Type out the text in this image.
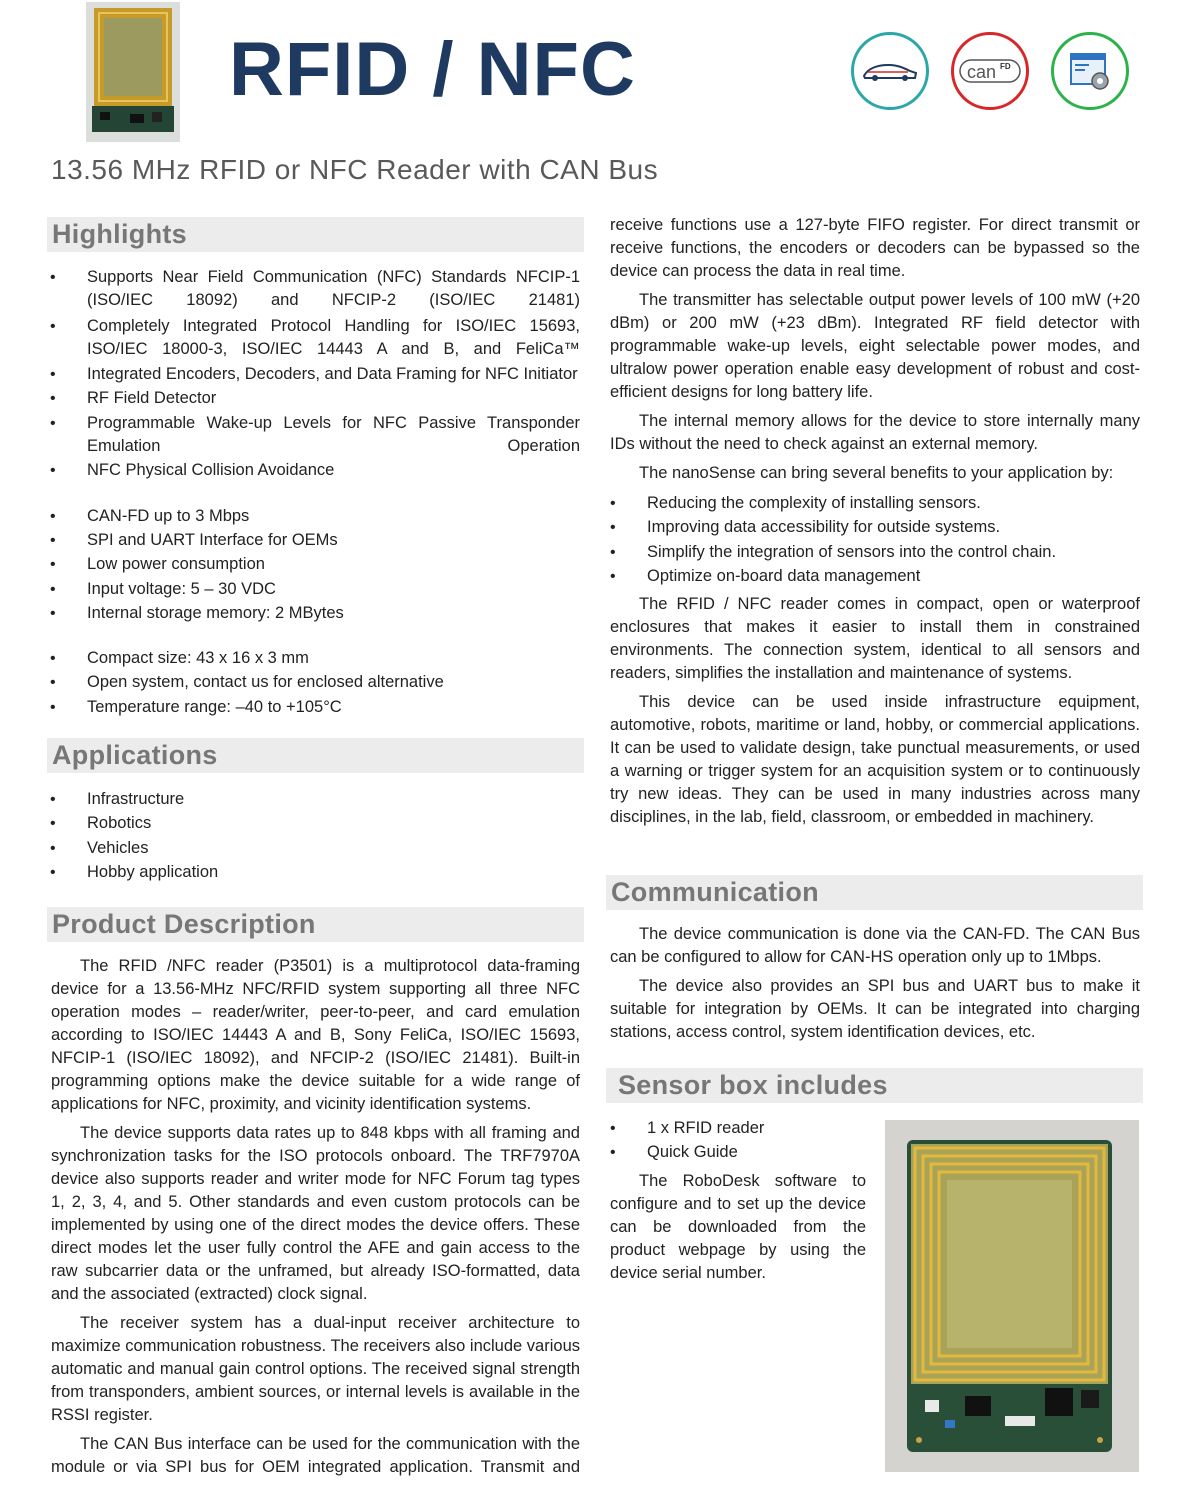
RFID / NFC	can FD
13.56 MHz RFID or NFC Reader with CAN Bus
Highlights
• Supports Near Field Communication (NFC) Standards NFCIP-1 (ISO/IEC 18092) and NFCIP-2 (ISO/IEC 21481)
• Completely Integrated Protocol Handling for ISO/IEC 15693, ISO/IEC 18000-3, ISO/IEC 14443 A and B, and FeliCa™
• Integrated Encoders, Decoders, and Data Framing for NFC Initiator
• RF Field Detector
• Programmable Wake-up Levels for NFC Passive Transponder Emulation Operation
• NFC Physical Collision Avoidance
• CAN-FD up to 3 Mbps
• SPI and UART Interface for OEMs
• Low power consumption
• Input voltage: 5 – 30 VDC
• Internal storage memory: 2 MBytes
• Compact size: 43 x 16 x 3 mm
• Open system, contact us for enclosed alternative
• Temperature range: –40 to +105°C
Applications
• Infrastructure
• Robotics
• Vehicles
• Hobby application
Product Description

The RFID /NFC reader (P3501) is a multiprotocol data-framing device for a 13.56-MHz NFC/RFID system supporting all three NFC operation modes – reader/writer, peer-to-peer, and card emulation according to ISO/IEC 14443 A and B, Sony FeliCa, ISO/IEC 15693, NFCIP-1 (ISO/IEC 18092), and NFCIP-2 (ISO/IEC 21481). Built-in programming options make the device suitable for a wide range of applications for NFC, proximity, and vicinity identification systems.

The device supports data rates up to 848 kbps with all framing and synchronization tasks for the ISO protocols onboard. The TRF7970A device also supports reader and writer mode for NFC Forum tag types 1, 2, 3, 4, and 5. Other standards and even custom protocols can be implemented by using one of the direct modes the device offers. These direct modes let the user fully control the AFE and gain access to the raw subcarrier data or the unframed, but already ISO-formatted, data and the associated (extracted) clock signal.

The receiver system has a dual-input receiver architecture to maximize communication robustness. The receivers also include various automatic and manual gain control options. The received signal strength from transponders, ambient sources, or internal levels is available in the RSSI register.

The CAN Bus interface can be used for the communication with the module or via SPI bus for OEM integrated application. Transmit and

receive functions use a 127-byte FIFO register. For direct transmit or receive functions, the encoders or decoders can be bypassed so the device can process the data in real time.

The transmitter has selectable output power levels of 100 mW (+20 dBm) or 200 mW (+23 dBm). Integrated RF field detector with programmable wake-up levels, eight selectable power modes, and ultralow power operation enable easy development of robust and cost-efficient designs for long battery life.

The internal memory allows for the device to store internally many IDs without the need to check against an external memory.

The nanoSense can bring several benefits to your application by:

• Reducing the complexity of installing sensors.
• Improving data accessibility for outside systems.
• Simplify the integration of sensors into the control chain.
• Optimize on-board data management

The RFID / NFC reader comes in compact, open or waterproof enclosures that makes it easier to install them in constrained environments. The connection system, identical to all sensors and readers, simplifies the installation and maintenance of systems.

This device can be used inside infrastructure equipment, automotive, robots, maritime or land, hobby, or commercial applications. It can be used to validate design, take punctual measurements, or used a warning or trigger system for an acquisition system or to continuously try new ideas. They can be used in many industries across many disciplines, in the lab, field, classroom, or embedded in machinery.

Communication

The device communication is done via the CAN-FD. The CAN Bus can be configured to allow for CAN-HS operation only up to 1Mbps.

The device also provides an SPI bus and UART bus to make it suitable for integration by OEMs. It can be integrated into charging stations, access control, system identification devices, etc.

Sensor box includes
• 1 x RFID reader
• Quick Guide

The RoboDesk software to configure and to set up the device can be downloaded from the product webpage by using the device serial number.
